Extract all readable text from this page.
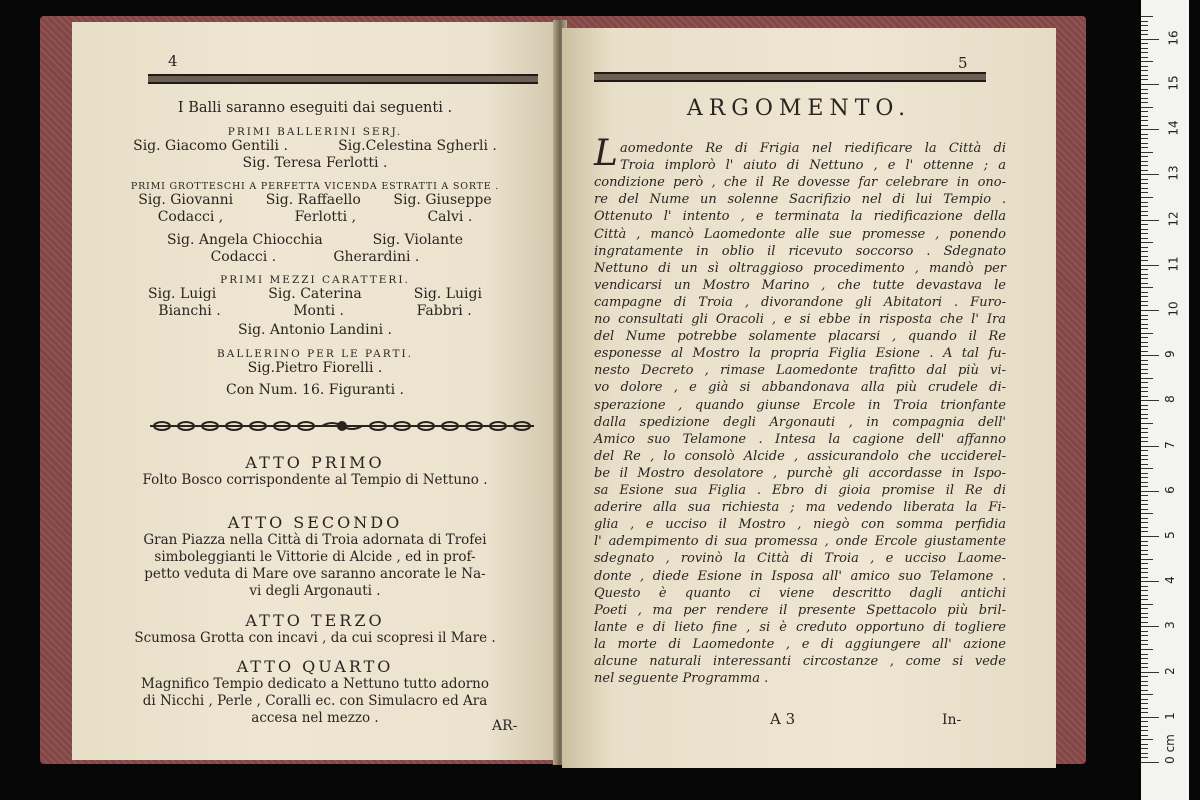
4
I Balli saranno eseguiti dai seguenti .
PRIMI BALLERINI SERJ.
Sig. Giacomo Gentili .	Sig.Celestina Sgherli .
Sig. Teresa Ferlotti .
PRIMI GROTTESCHI A PERFETTA VICENDA ESTRATTI A SORTE .
Sig. Giovanni Sig. Raffaello Sig. Giuseppe
Codacci ,	Ferlotti ,	Calvi .
Sig. Angela Chiocchia	Sig. Violante
Codacci .	Gherardini .
PRIMI MEZZI CARATTERI.
Sig. Luigi	Sig. Caterina	Sig. Luigi
Bianchi .	Monti .	Fabbri .
Sig. Antonio Landini .
BALLERINO PER LE PARTI.
Sig.Pietro Fiorelli .
Con Num. 16. Figuranti .
ATTO PRIMO
Folto Bosco corrispondente al Tempio di Nettuno .
ATTO SECONDO
Gran Piazza nella Città di Troia adornata di Trofei
simboleggianti le Vittorie di Alcide , ed in prof-
petto veduta di Mare ove saranno ancorate le Na-
vi degli Argonauti .
ATTO TERZO
Scumosa Grotta con incavi , da cui scopresi il Mare .
ATTO QUARTO
Magnifico Tempio dedicato a Nettuno tutto adorno
di Nicchi , Perle , Coralli ec. con Simulacro ed Ara
accesa nel mezzo .	AR-
5
ARGOMENTO.
L aomedonte Re di Frigia nel riedificare la Città di
Troia implorò l' aiuto di Nettuno , e l' ottenne ; a
condizione però , che il Re dovesse far celebrare in ono-
re del Nume un solenne Sacrifizio nel di lui Tempio .
Ottenuto l' intento , e terminata la riedificazione della
Città , mancò Laomedonte alle sue promesse , ponendo
ingratamente in oblio il ricevuto soccorso . Sdegnato
Nettuno di un sì oltraggioso procedimento , mandò per
vendicarsi un Mostro Marino , che tutte devastava le
campagne di Troia , divorandone gli Abitatori . Furo-
no consultati gli Oracoli , e si ebbe in risposta che l' Ira
del Nume potrebbe solamente placarsi , quando il Re
esponesse al Mostro la propria Figlia Esione . A tal fu-
nesto Decreto , rimase Laomedonte trafitto dal più vi-
vo dolore , e già si abbandonava alla più crudele di-
sperazione , quando giunse Ercole in Troia trionfante
dalla spedizione degli Argonauti , in compagnia dell'
Amico suo Telamone . Intesa la cagione dell' affanno
del Re , lo consolò Alcide , assicurandolo che ucciderel-
be il Mostro desolatore , purchè gli accordasse in Ispo-
sa Esione sua Figlia . Ebro di gioia promise il Re di
aderire alla sua richiesta ; ma vedendo liberata la Fi-
glia , e ucciso il Mostro , niegò con somma perfidia
l' adempimento di sua promessa , onde Ercole giustamente
sdegnato , rovinò la Città di Troia , e ucciso Laome-
donte , diede Esione in Isposa all' amico suo Telamone .
Questo è quanto ci viene descritto dagli antichi
Poeti , ma per rendere il presente Spettacolo più bril-
lante e di lieto fine , si è creduto opportuno di togliere
la morte di Laomedonte , e di aggiungere all' azione
alcune naturali interessanti circostanze , come si vede
nel seguente Programma .
A 3	In-
0 cm
1
2
3
4
5
6
7
8
9
10
11
12
13
14
15
16
